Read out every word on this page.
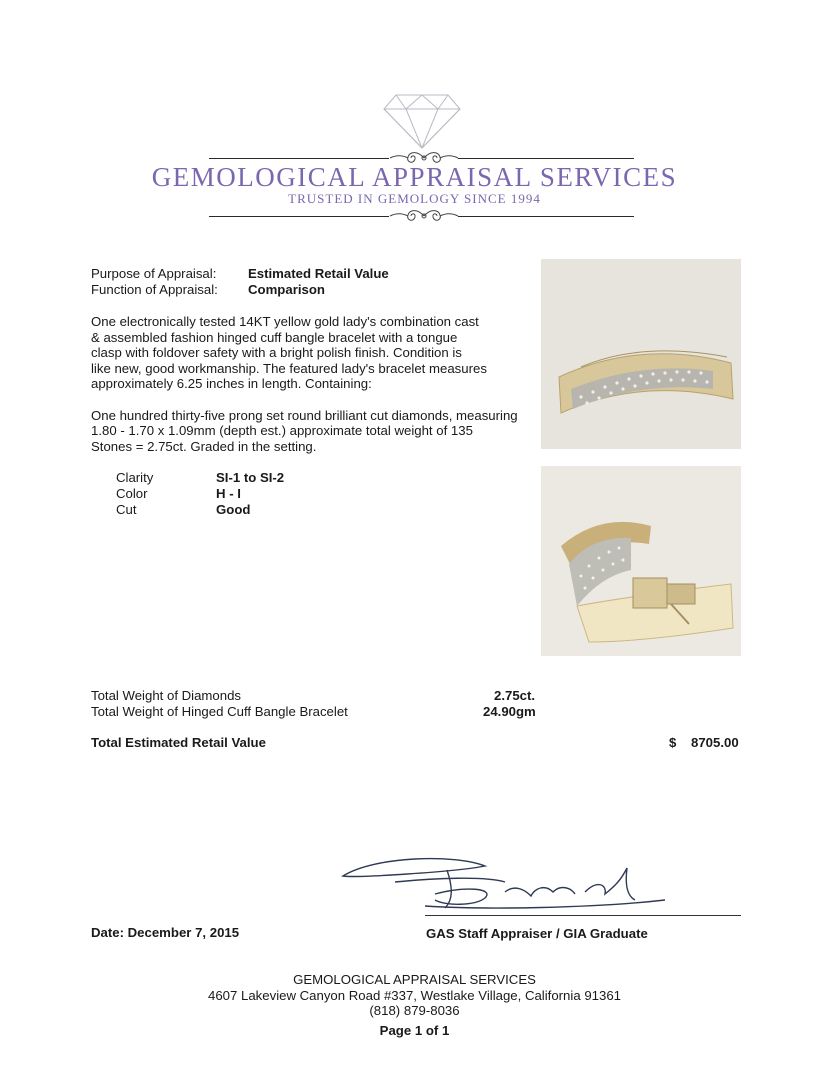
GEMOLOGICAL APPRAISAL SERVICES
TRUSTED IN GEMOLOGY SINCE 1994
Purpose of Appraisal: Estimated Retail Value
Function of Appraisal: Comparison
One electronically tested 14KT yellow gold lady's combination cast
& assembled fashion hinged cuff bangle bracelet with a tongue
clasp with foldover safety with a bright polish finish. Condition is
like new, good workmanship. The featured lady's bracelet measures
approximately 6.25 inches in length. Containing:
One hundred thirty-five prong set round brilliant cut diamonds, measuring
1.80 - 1.70 x 1.09mm (depth est.) approximate total weight of 135
Stones = 2.75ct. Graded in the setting.
Clarity	SI-1 to SI-2
Color	H - I
Cut	Good
Total Weight of Diamonds	2.75ct.
Total Weight of Hinged Cuff Bangle Bracelet	24.90gm
Total Estimated Retail Value	$ 8705.00
Date: December 7, 2015	GAS Staff Appraiser / GIA Graduate
GEMOLOGICAL APPRAISAL SERVICES
4607 Lakeview Canyon Road #337, Westlake Village, California 91361
(818) 879-8036
Page 1 of 1
